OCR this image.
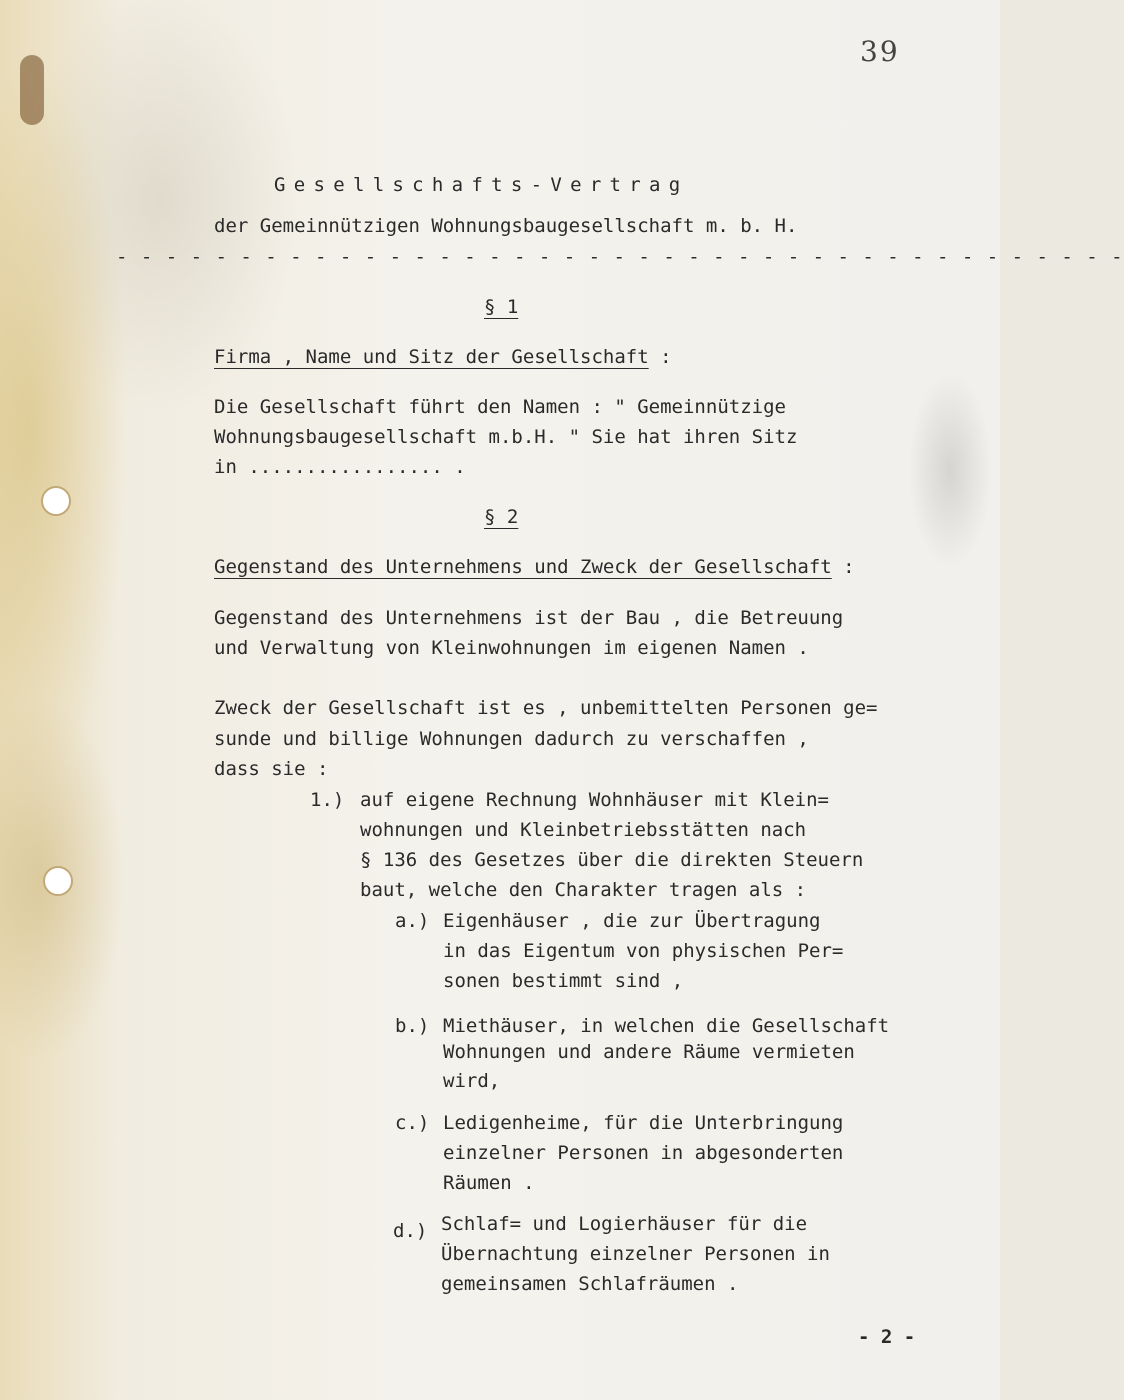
39
Gesellschafts-Vertrag
der Gemeinnützigen Wohnungsbaugesellschaft m. b. H.
- - - - - - - - - - - - - - - - - - - - - - - - - - - - - - - - - - - - - - - - -
§ 1
Firma , Name und Sitz der Gesellschaft :
Die Gesellschaft führt den Namen : " Gemeinnützige
Wohnungsbaugesellschaft m.b.H. " Sie hat ihren Sitz
in ................. .
§ 2
Gegenstand des Unternehmens und Zweck der Gesellschaft :
Gegenstand des Unternehmens ist der Bau , die Betreuung
und Verwaltung von Kleinwohnungen im eigenen Namen .
Zweck der Gesellschaft ist es , unbemittelten Personen ge=
sunde und billige Wohnungen dadurch zu verschaffen ,
dass sie :
1.) auf eigene Rechnung Wohnhäuser mit Klein=
wohnungen und Kleinbetriebsstätten nach
§ 136 des Gesetzes über die direkten Steuern
baut, welche den Charakter tragen als :
a.) Eigenhäuser , die zur Übertragung
in das Eigentum von physischen Per=
sonen bestimmt sind ,
b.) Miethäuser, in welchen die Gesellschaft
Wohnungen und andere Räume vermieten
wird,
c.) Ledigenheime, für die Unterbringung
einzelner Personen in abgesonderten
Räumen .
d.) Schlaf= und Logierhäuser für die
Übernachtung einzelner Personen in
gemeinsamen Schlafräumen .
- 2 -
